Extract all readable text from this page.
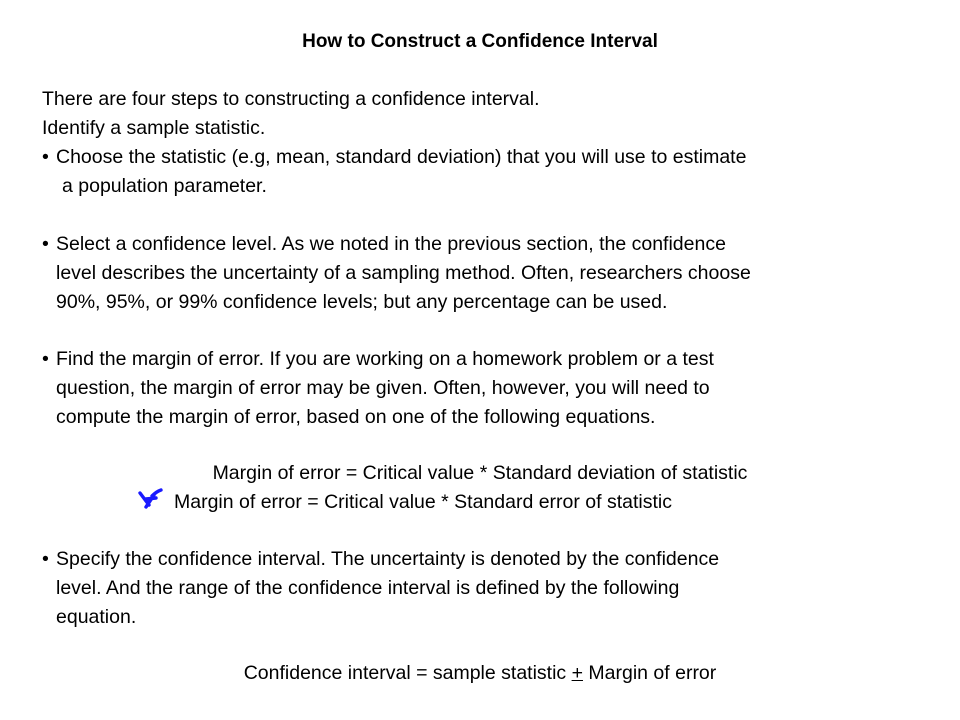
How to Construct a Confidence Interval
There are four steps to constructing a confidence interval.
Identify a sample statistic.
• Choose the statistic (e.g, mean, standard deviation) that you will use to estimate
a population parameter.
• Select a confidence level. As we noted in the previous section, the confidence
level describes the uncertainty of a sampling method. Often, researchers choose
90%, 95%, or 99% confidence levels; but any percentage can be used.
• Find the margin of error. If you are working on a homework problem or a test
question, the margin of error may be given. Often, however, you will need to
compute the margin of error, based on one of the following equations.
Margin of error = Critical value * Standard deviation of statistic
Margin of error = Critical value * Standard error of statistic
• Specify the confidence interval. The uncertainty is denoted by the confidence
level. And the range of the confidence interval is defined by the following
equation.
Confidence interval = sample statistic + Margin of error
